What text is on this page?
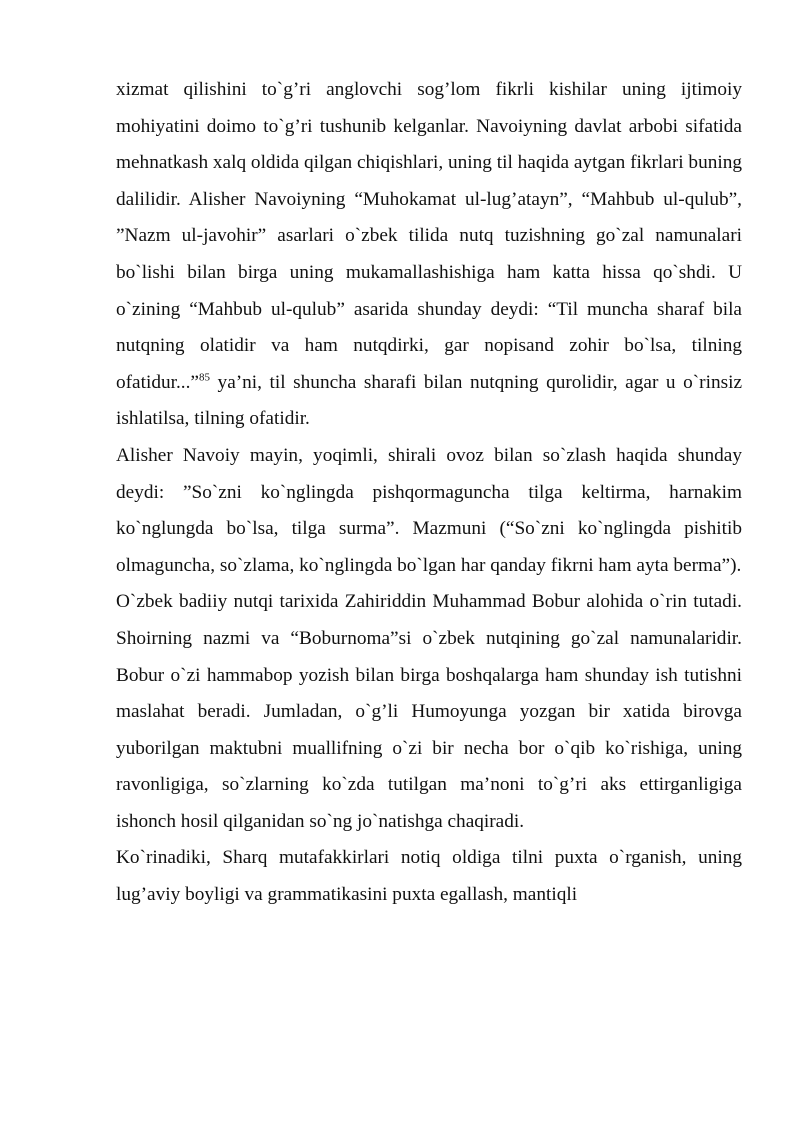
xizmat qilishini to`g’ri anglovchi sog’lom fikrli kishilar uning ijtimoiy mohiyatini doimo to`g’ri tushunib kelganlar. Navoiyning davlat arbobi sifatida mehnatkash xalq oldida qilgan chiqishlari, uning til haqida aytgan fikrlari buning dalilidir. Alisher Navoiyning “Muhokamat ul-lug’atayn”, “Mahbub ul-qulub”, ”Nazm ul-javohir” asarlari o`zbek tilida nutq tuzishning go`zal namunalari bo`lishi bilan birga uning mukamallashishiga ham katta hissa qo`shdi. U o`zining “Mahbub ul-qulub” asarida shunday deydi: “Til muncha sharaf bila nutqning olatidir va ham nutqdirki, gar nopisand zohir bo`lsa, tilning ofatidur...”$^{85}$ ya’ni, til shuncha sharafi bilan nutqning qurolidir, agar u o`rinsiz ishlatilsa, tilning ofatidir.

Alisher Navoiy mayin, yoqimli, shirali ovoz bilan so`zlash haqida shunday deydi: ”So`zni ko`nglingda pishqormaguncha tilga keltirma, harnakim ko`nglungda bo`lsa, tilga surma”. Mazmuni (“So`zni ko`nglingda pishitib olmaguncha, so`zlama, ko`nglingda bo`lgan har qanday fikrni ham ayta berma”).

O`zbek badiiy nutqi tarixida Zahiriddin Muhammad Bobur alohida o`rin tutadi. Shoirning nazmi va “Boburnoma”si o`zbek nutqining go`zal namunalaridir. Bobur o`zi hammabop yozish bilan birga boshqalarga ham shunday ish tutishni maslahat beradi. Jumladan, o`g’li Humoyunga yozgan bir xatida birovga yuborilgan maktubni muallifning o`zi bir necha bor o`qib ko`rishiga, uning ravonligiga, so`zlarning ko`zda tutilgan ma’noni to`g’ri aks ettirganligiga ishonch hosil qilganidan so`ng jo`natishga chaqiradi.

Ko`rinadiki, Sharq mutafakkirlari notiq oldiga tilni puxta o`rganish, uning lug’aviy boyligi va grammatikasini puxta egallash, mantiqli
